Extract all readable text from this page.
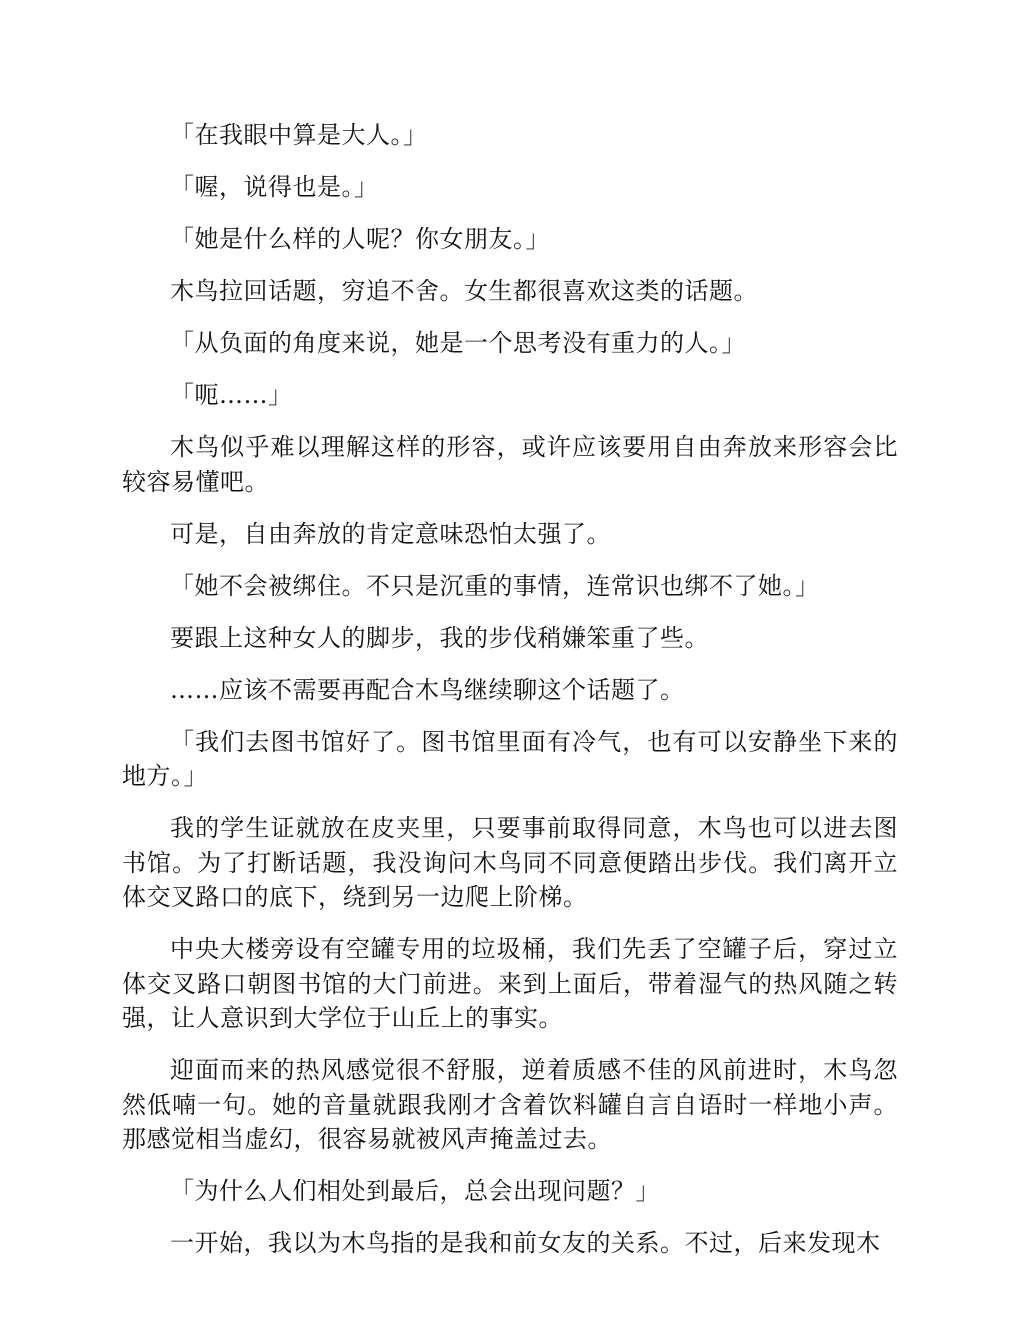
「在我眼中算是大人。」

「喔，说得也是。」

「她是什么样的人呢？你女朋友。」

木鸟拉回话题，穷追不舍。女生都很喜欢这类的话题。

「从负面的角度来说，她是一个思考没有重力的人。」

「呃……」

木鸟似乎难以理解这样的形容，或许应该要用自由奔放来形容会比较容易懂吧。

可是，自由奔放的肯定意味恐怕太强了。

「她不会被绑住。不只是沉重的事情，连常识也绑不了她。」

要跟上这种女人的脚步，我的步伐稍嫌笨重了些。

……应该不需要再配合木鸟继续聊这个话题了。

「我们去图书馆好了。图书馆里面有冷气，也有可以安静坐下来的地方。」

我的学生证就放在皮夹里，只要事前取得同意，木鸟也可以进去图书馆。为了打断话题，我没询问木鸟同不同意便踏出步伐。我们离开立体交叉路口的底下，绕到另一边爬上阶梯。

中央大楼旁设有空罐专用的垃圾桶，我们先丢了空罐子后，穿过立体交叉路口朝图书馆的大门前进。来到上面后，带着湿气的热风随之转强，让人意识到大学位于山丘上的事实。

迎面而来的热风感觉很不舒服，逆着质感不佳的风前进时，木鸟忽然低喃一句。她的音量就跟我刚才含着饮料罐自言自语时一样地小声。那感觉相当虚幻，很容易就被风声掩盖过去。

「为什么人们相处到最后，总会出现问题？」

一开始，我以为木鸟指的是我和前女友的关系。不过，后来发现木
